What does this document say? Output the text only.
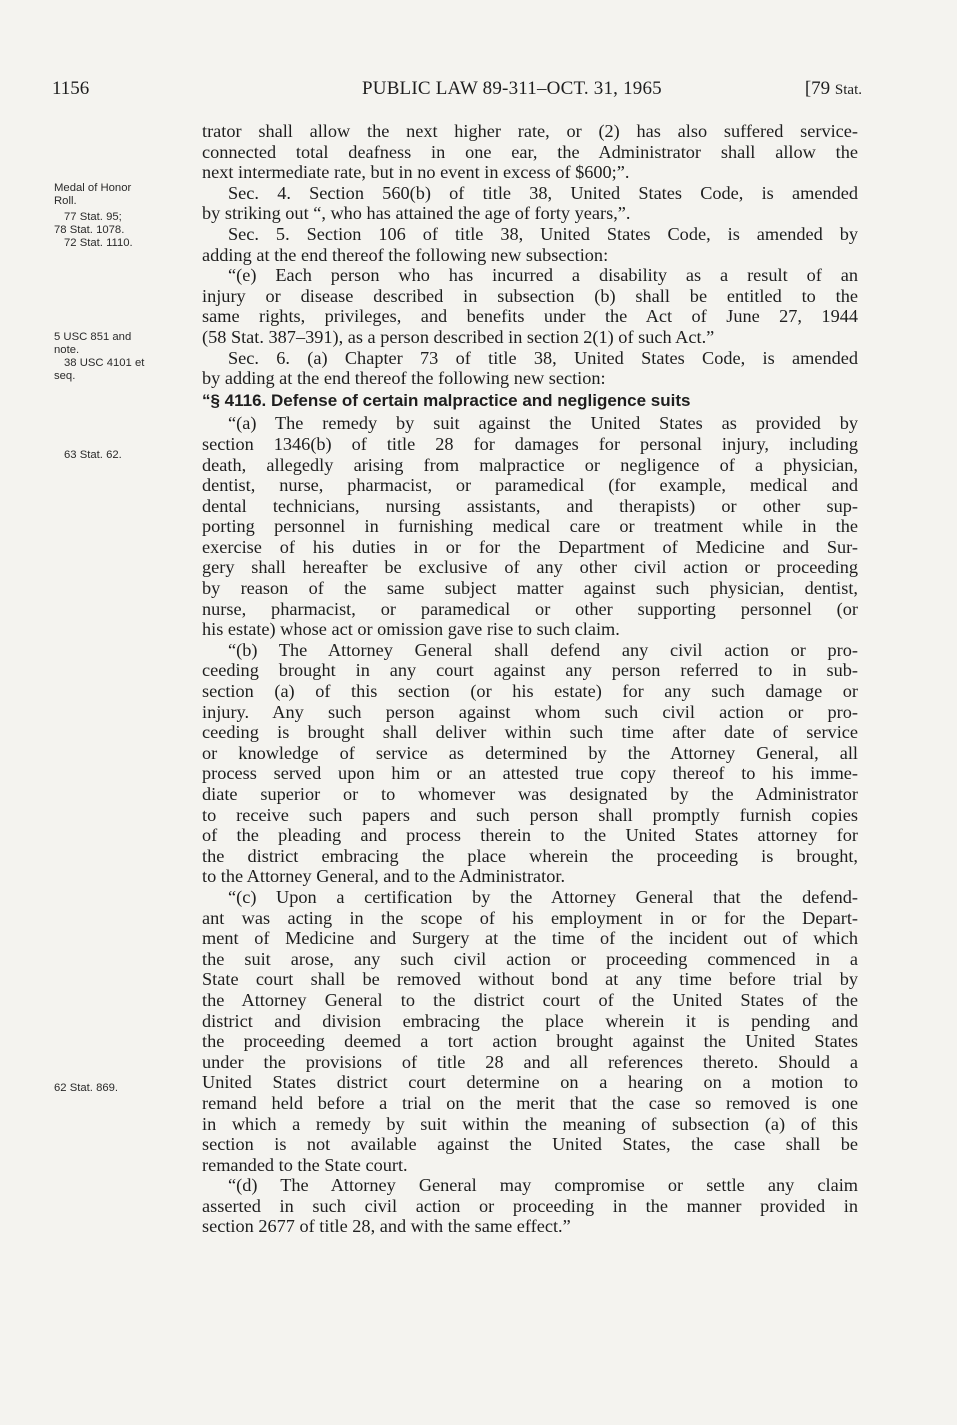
1156	PUBLIC LAW 89-311–OCT. 31, 1965	[79 Stat.
Medal of Honor
Roll.
77 Stat. 95;
78 Stat. 1078.
72 Stat. 1110.
5 USC 851 and
note.
38 USC 4101 et
seq.
63 Stat. 62.
62 Stat. 869.
trator shall allow the next higher rate, or (2) has also suffered service-
connected total deafness in one ear, the Administrator shall allow the
next intermediate rate, but in no event in excess of $600;”.
Sec. 4. Section 560(b) of title 38, United States Code, is amended
by striking out “, who has attained the age of forty years,”.
Sec. 5. Section 106 of title 38, United States Code, is amended by
adding at the end thereof the following new subsection:
“(e) Each person who has incurred a disability as a result of an
injury or disease described in subsection (b) shall be entitled to the
same rights, privileges, and benefits under the Act of June 27, 1944
(58 Stat. 387–391), as a person described in section 2(1) of such Act.”
Sec. 6. (a) Chapter 73 of title 38, United States Code, is amended
by adding at the end thereof the following new section:
“§ 4116. Defense of certain malpractice and negligence suits
“(a) The remedy by suit against the United States as provided by
section 1346(b) of title 28 for damages for personal injury, including
death, allegedly arising from malpractice or negligence of a physician,
dentist, nurse, pharmacist, or paramedical (for example, medical and
dental technicians, nursing assistants, and therapists) or other sup-
porting personnel in furnishing medical care or treatment while in the
exercise of his duties in or for the Department of Medicine and Sur-
gery shall hereafter be exclusive of any other civil action or proceeding
by reason of the same subject matter against such physician, dentist,
nurse, pharmacist, or paramedical or other supporting personnel (or
his estate) whose act or omission gave rise to such claim.
“(b) The Attorney General shall defend any civil action or pro-
ceeding brought in any court against any person referred to in sub-
section (a) of this section (or his estate) for any such damage or
injury. Any such person against whom such civil action or pro-
ceeding is brought shall deliver within such time after date of service
or knowledge of service as determined by the Attorney General, all
process served upon him or an attested true copy thereof to his imme-
diate superior or to whomever was designated by the Administrator
to receive such papers and such person shall promptly furnish copies
of the pleading and process therein to the United States attorney for
the district embracing the place wherein the proceeding is brought,
to the Attorney General, and to the Administrator.
“(c) Upon a certification by the Attorney General that the defend-
ant was acting in the scope of his employment in or for the Depart-
ment of Medicine and Surgery at the time of the incident out of which
the suit arose, any such civil action or proceeding commenced in a
State court shall be removed without bond at any time before trial by
the Attorney General to the district court of the United States of the
district and division embracing the place wherein it is pending and
the proceeding deemed a tort action brought against the United States
under the provisions of title 28 and all references thereto. Should a
United States district court determine on a hearing on a motion to
remand held before a trial on the merit that the case so removed is one
in which a remedy by suit within the meaning of subsection (a) of this
section is not available against the United States, the case shall be
remanded to the State court.
“(d) The Attorney General may compromise or settle any claim
asserted in such civil action or proceeding in the manner provided in
section 2677 of title 28, and with the same effect.”
